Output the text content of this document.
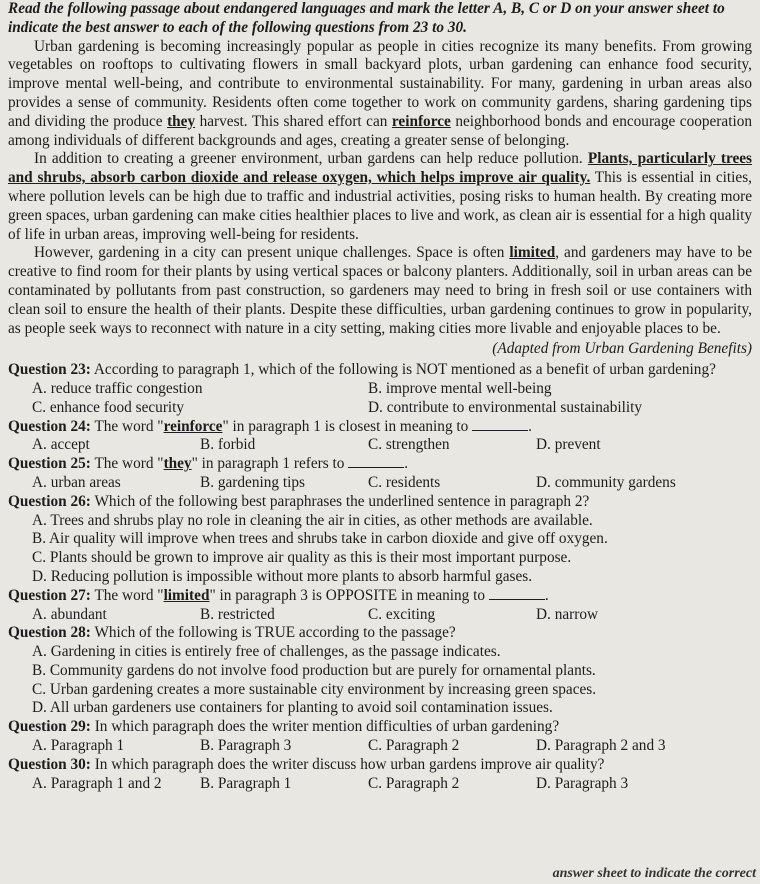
Read the following passage about endangered languages and mark the letter A, B, C or D on your answer sheet to indicate the best answer to each of the following questions from 23 to 30.

Urban gardening is becoming increasingly popular as people in cities recognize its many benefits. From growing vegetables on rooftops to cultivating flowers in small backyard plots, urban gardening can enhance food security, improve mental well-being, and contribute to environmental sustainability. For many, gardening in urban areas also provides a sense of community. Residents often come together to work on community gardens, sharing gardening tips and dividing the produce they harvest. This shared effort can reinforce neighborhood bonds and encourage cooperation among individuals of different backgrounds and ages, creating a greater sense of belonging.

In addition to creating a greener environment, urban gardens can help reduce pollution. Plants, particularly trees and shrubs, absorb carbon dioxide and release oxygen, which helps improve air quality. This is essential in cities, where pollution levels can be high due to traffic and industrial activities, posing risks to human health. By creating more green spaces, urban gardening can make cities healthier places to live and work, as clean air is essential for a high quality of life in urban areas, improving well-being for residents.

However, gardening in a city can present unique challenges. Space is often limited, and gardeners may have to be creative to find room for their plants by using vertical spaces or balcony planters. Additionally, soil in urban areas can be contaminated by pollutants from past construction, so gardeners may need to bring in fresh soil or use containers with clean soil to ensure the health of their plants. Despite these difficulties, urban gardening continues to grow in popularity, as people seek ways to reconnect with nature in a city setting, making cities more livable and enjoyable places to be.

(Adapted from Urban Gardening Benefits)

Question 23: According to paragraph 1, which of the following is NOT mentioned as a benefit of urban gardening?

A. reduce traffic congestion	B. improve mental well-being
C. enhance food security	D. contribute to environmental sustainability

Question 24: The word "reinforce" in paragraph 1 is closest in meaning to	.

A. accept	B. forbid	C. strengthen	D. prevent

Question 25: The word "they" in paragraph 1 refers to	.

A. urban areas	B. gardening tips	C. residents	D. community gardens

Question 26: Which of the following best paraphrases the underlined sentence in paragraph 2?

A. Trees and shrubs play no role in cleaning the air in cities, as other methods are available.
B. Air quality will improve when trees and shrubs take in carbon dioxide and give off oxygen.
C. Plants should be grown to improve air quality as this is their most important purpose.
D. Reducing pollution is impossible without more plants to absorb harmful gases.

Question 27: The word "limited" in paragraph 3 is OPPOSITE in meaning to	.

A. abundant	B. restricted	C. exciting	D. narrow

Question 28: Which of the following is TRUE according to the passage?

A. Gardening in cities is entirely free of challenges, as the passage indicates.
B. Community gardens do not involve food production but are purely for ornamental plants.
C. Urban gardening creates a more sustainable city environment by increasing green spaces.
D. All urban gardeners use containers for planting to avoid soil contamination issues.

Question 29: In which paragraph does the writer mention difficulties of urban gardening?

A. Paragraph 1	B. Paragraph 3	C. Paragraph 2	D. Paragraph 2 and 3

Question 30: In which paragraph does the writer discuss how urban gardens improve air quality?

A. Paragraph 1 and 2	B. Paragraph 1	C. Paragraph 2	D. Paragraph 3
answer sheet to indicate the correct
